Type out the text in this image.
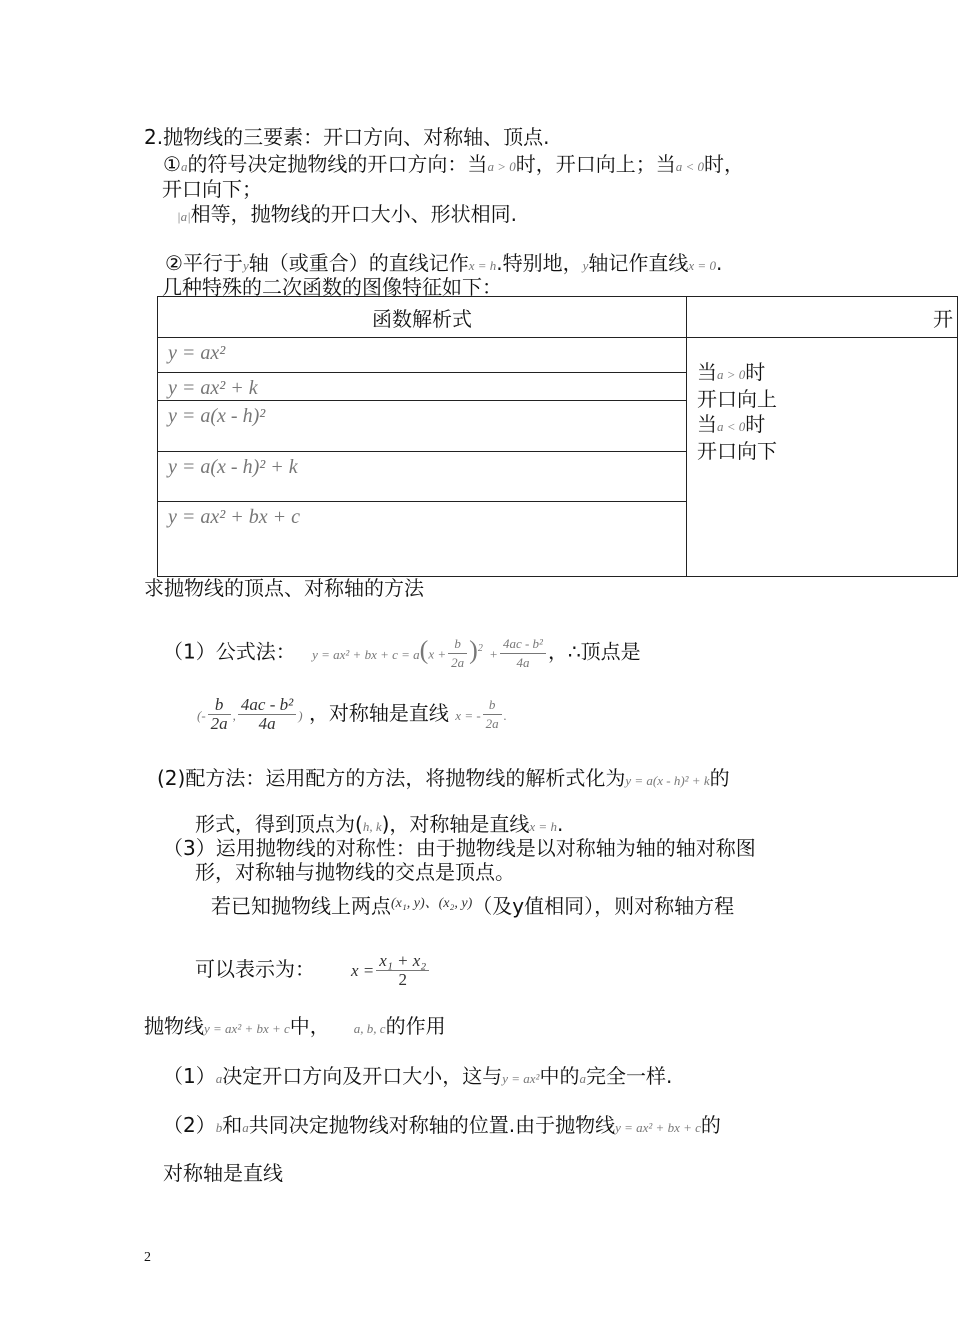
2.抛物线的三要素：开口方向、对称轴、顶点.
①a的符号决定抛物线的开口方向：当a > 0时，开口向上；当a < 0时，
开口向下；
|a|相等，抛物线的开口大小、形状相同.
②平行于y轴（或重合）的直线记作x = h.特别地，y轴记作直线x = 0.
几种特殊的二次函数的图像特征如下：
函数解析式	开
y = ax²	当a > 0时
开口向上
当a < 0时
开口向下

y = ax² + k	
y = a(x - h)²	
y = a(x - h)² + k	
y = ax² + bx + c	
求抛物线的顶点、对称轴的方法
（1）公式法： y = ax² + bx + $c = a(x + \frac{b}{2a} )^2 + \frac{\text{4ac - b²}}{4a}$ ，∴顶点是
(- $\frac{b}{2a}$ , $\frac{\text{4ac - b²}}{4a}$ ) ，对称轴是直线 x = - $\frac{b}{2a}$ .
(2)配方法：运用配方的方法，将抛物线的解析式化为y = a(x - h)² + k的
形式，得到顶点为(h, k)，对称轴是直线x = h.
（3）运用抛物线的对称性：由于抛物线是以对称轴为轴的轴对称图
形，对称轴与抛物线的交点是顶点。
若已知抛物线上两点$^{(x_1, y)、(x_2, y)}$（及y值相同），则对称轴方程
可以表示为： $x = \frac{\text{x₁ + x₂}}{2}$
抛物线y = ax² + bx + c中， a, b, c的作用
（1）a决定开口方向及开口大小，这与y = ax²中的a完全一样.
（2）b和a共同决定抛物线对称轴的位置.由于抛物线y = ax² + bx + c的
对称轴是直线
2
